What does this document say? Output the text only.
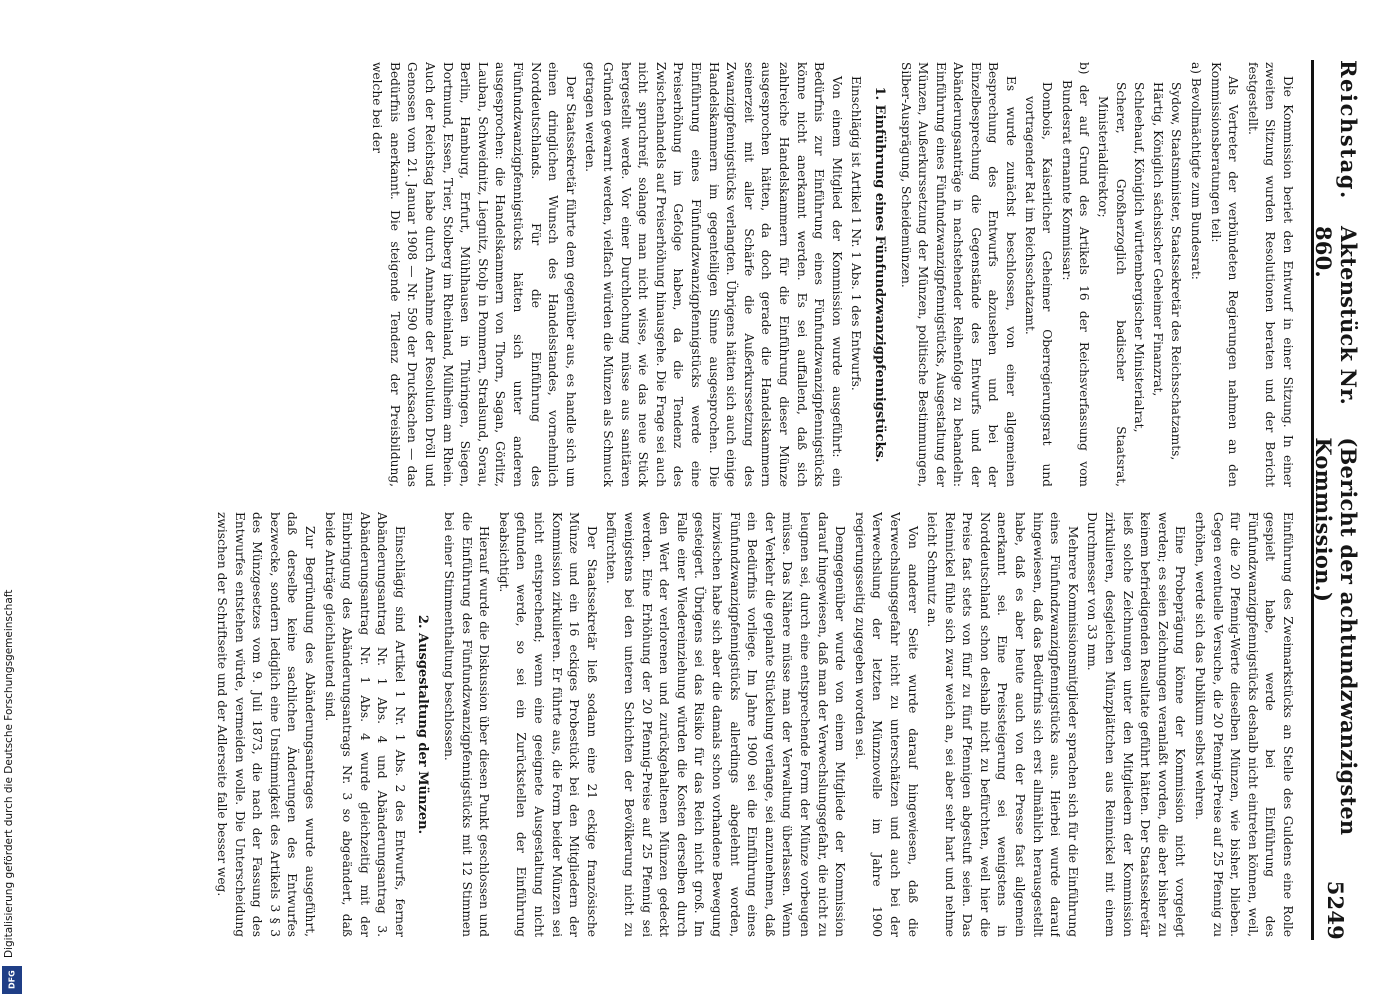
Digitalisierung gefördert durch die Deutsche Forschungsgemeinschaft
DFG
Reichstag.
Aktenstück Nr. 860.
(Bericht der achtundzwanzigsten Kommission.)
5249

Die Kommission beriet den Entwurf in einer Sitzung. In einer zweiten Sitzung wurden Resolutionen beraten und der Bericht festgestellt.

Als Vertreter der verbündeten Regierungen nahmen an den Kommissionsberatungen teil:

a) Bevollmächtigte zum Bundesrat:

Sydow, Staatsminister, Staatssekretär des Reichsschatzamts,

Härtig, Königlich sächsischer Geheimer Finanzrat,

Schleehauf, Königlich württembergischer Ministerialrat,

Scherer, Großherzoglich badischer Staatsrat, Ministerialdirektor;

b) der auf Grund des Artikels 16 der Reichsverfassung vom Bundesrat ernannte Kommissar:

Dombois, Kaiserlicher Geheimer Oberregierungsrat und vortragender Rat im Reichsschatzamt.

Es wurde zunächst beschlossen, von einer allgemeinen Besprechung des Entwurfs abzusehen und bei der Einzelbesprechung die Gegenstände des Entwurfs und der Abänderungsanträge in nachstehender Reihenfolge zu behandeln: Einführung eines Fünfundzwanzigpfennigstücks, Ausgestaltung der Münzen, Außerkurssetzung der Münzen, politische Bestimmungen, Silber-Ausprägung, Scheidemünzen.

1. Einführung eines Fünfundzwanzigpfennigstücks.

Einschlägig ist Artikel 1 Nr. 1 Abs. 1 des Entwurfs.

Von einem Mitglied der Kommission wurde ausgeführt: ein Bedürfnis zur Einführung eines Fünfundzwanzigpfennigstücks könne nicht anerkannt werden. Es sei auffallend, daß sich zahlreiche Handelskammern für die Einführung dieser Münze ausgesprochen hätten, da doch gerade die Handelskammern seinerzeit mit aller Schärfe die Außerkurssetzung des Zwanzigpfennigstücks verlangten. Übrigens hätten sich auch einige Handelskammern im gegenteiligen Sinne ausgesprochen. Die Einführung eines Fünfundzwanzigpfennigstücks werde eine Preiserhöhung im Gefolge haben, da die Tendenz des Zwischenhandels auf Preiserhöhung hinausgehe. Die Frage sei auch nicht spruchreif, solange man nicht wisse, wie das neue Stück hergestellt werde. Vor einer Durchlochung müsse aus sanitären Gründen gewarnt werden, vielfach würden die Münzen als Schmuck getragen werden.

Der Staatssekretär führte dem gegenüber aus, es handle sich um einen dringlichen Wunsch des Handelsstandes, vornehmlich Norddeutschlands. Für die Einführung des Fünfundzwanzigpfennigstücks hätten sich unter anderen ausgesprochen: die Handelskammern von Thorn, Sagan, Görlitz, Lauban, Schweidnitz, Liegnitz, Stolp in Pommern, Stralsund, Sorau, Berlin, Hamburg, Erfurt, Mühlhausen in Thüringen, Siegen, Dortmund, Essen, Trier, Stolberg im Rheinland, Mülheim am Rhein. Auch der Reichstag habe durch Annahme der Resolution Dröll und Genossen vom 21. Januar 1908 — Nr. 590 der Drucksachen — das Bedürfnis anerkannt. Die steigende Tendenz der Preisbildung, welche bei der

Einführung des Zweimarkstücks an Stelle des Guldens eine Rolle gespielt habe, werde bei Einführung des Fünfundzwanzigpfennigstücks deshalb nicht eintreten können, weil, für die 20 Pfennig-Werte dieselben Münzen, wie bisher, blieben. Gegen eventuelle Versuche, die 20 Pfennig-Preise auf 25 Pfennig zu erhöhen, werde sich das Publikum selbst wehren.

Eine Probeprägung könne der Kommission nicht vorgelegt werden; es seien Zeichnungen veranlaßt worden, die aber bisher zu keinem befriedigenden Resultate geführt hätten. Der Staatssekretär ließ solche Zeichnungen unter den Mitgliedern der Kommission zirkulieren, desgleichen Münzplättchen aus Reinnickel mit einem Durchmesser von 33 mm.

Mehrere Kommissionsmitglieder sprachen sich für die Einführung eines Fünfundzwanzigpfennigstücks aus. Hierbei wurde darauf hingewiesen, daß das Bedürfnis sich erst allmählich herausgestellt habe, daß es aber heute auch von der Presse fast allgemein anerkannt sei. Eine Preissteigerung sei wenigstens in Norddeutschland schon deshalb nicht zu befürchten, weil hier die Preise fast stets von fünf zu fünf Pfennigen abgestuft seien. Das Reinnickel fühle sich zwar weich an, sei aber sehr hart und nehme leicht Schmutz an.

Von anderer Seite wurde darauf hingewiesen, daß die Verwechslungsgefahr nicht zu unterschätzen und auch bei der Verwechslung der letzten Münznovelle im Jahre 1900 regierungsseitig zugegeben worden sei.

Demgegenüber wurde von einem Mitgliede der Kommission darauf hingewiesen, daß man der Verwechslungsgefahr, die nicht zu leugnen sei, durch eine entsprechende Form der Münze vorbeugen müsse. Das Nähere müsse man der Verwaltung überlassen. Wenn der Verkehr die geplante Stückelung verlange, sei anzunehmen, daß ein Bedürfnis vorliege. Im Jahre 1900 sei die Einführung eines Fünfundzwanzigpfennigstücks allerdings abgelehnt worden, inzwischen habe sich aber die damals schon vorhandene Bewegung gesteigert. Übrigens sei das Risiko für das Reich nicht groß. Im Falle einer Wiedereinziehung würden die Kosten derselben durch den Wert der verlorenen und zurückgehaltenen Münzen gedeckt werden. Eine Erhöhung der 20 Pfennig-Preise auf 25 Pfennig sei wenigstens bei den unteren Schichten der Bevölkerung nicht zu befürchten.

Der Staatssekretär ließ sodann eine 21 eckige französische Münze und ein 16 eckiges Probestück bei den Mitgliedern der Kommission zirkulieren. Er führte aus, die Form beider Münzen sei nicht entsprechend; wenn eine geeignete Ausgestaltung nicht gefunden werde, so sei ein Zurückstellen der Einführung beabsichtigt.

Hierauf wurde die Diskussion über diesen Punkt geschlossen und die Einführung des Fünfundzwanzigpfennigstücks mit 12 Stimmen bei einer Stimmenthaltung beschlossen.

2. Ausgestaltung der Münzen.

Einschlägig sind Artikel 1 Nr. 1 Abs. 2 des Entwurfs, ferner Abänderungsantrag Nr. 1 Abs. 4 und Abänderungsantrag 3. Abänderungsantrag Nr. 1 Abs. 4 wurde gleichzeitig mit der Einbringung des Abänderungsantrags Nr. 3 so abgeändert, daß beide Anträge gleichlautend sind.

Zur Begründung des Abänderungsantrages wurde ausgeführt, daß derselbe keine sachlichen Änderungen des Entwurfes bezwecke, sondern lediglich eine Unstimmigkeit des Artikels 3 § 3 des Münzgesetzes vom 9. Juli 1873, die nach der Fassung des Entwurfes entstehen würde, vermeiden wolle. Die Unterscheidung zwischen der Schriftseite und der Adlerseite falle besser weg.
